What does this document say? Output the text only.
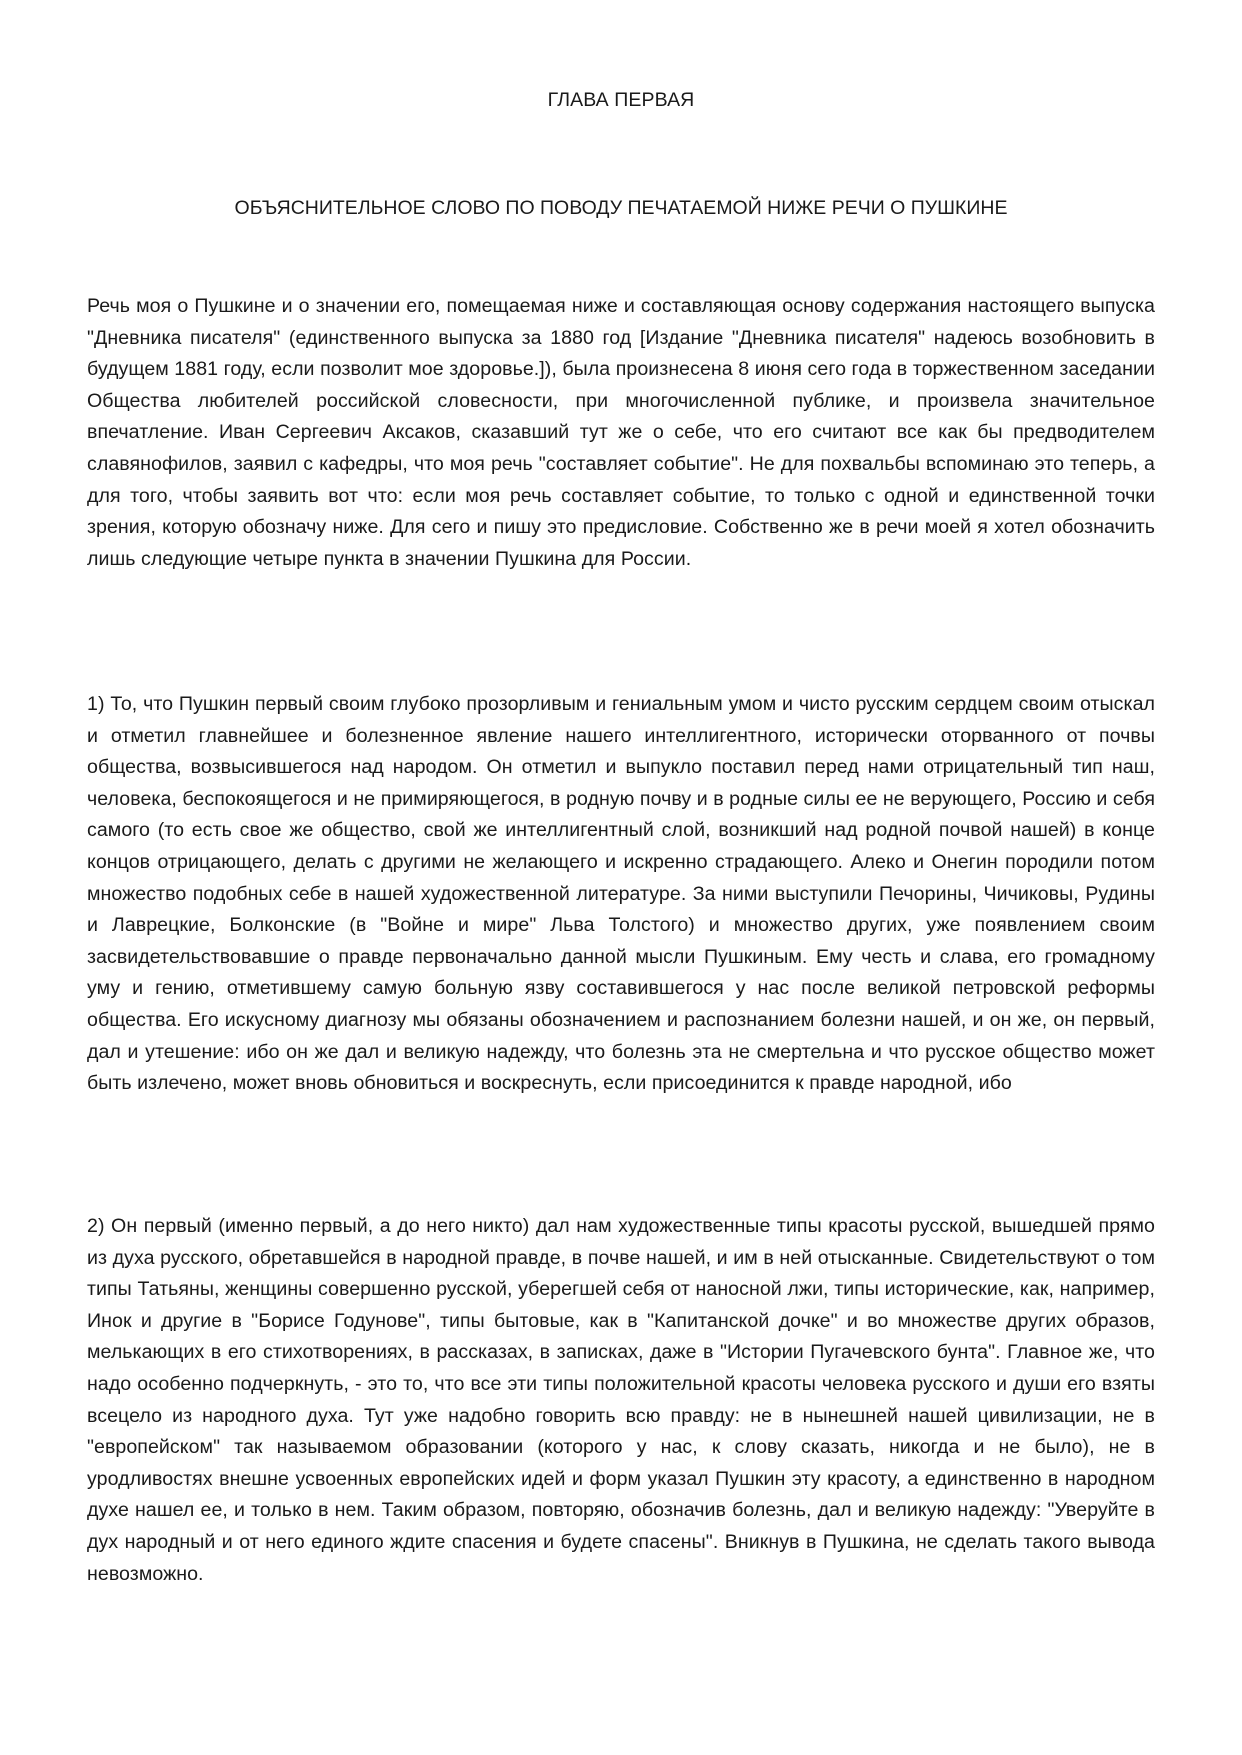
ГЛАВА ПЕРВАЯ
ОБЪЯСНИТЕЛЬНОЕ СЛОВО ПО ПОВОДУ ПЕЧАТАЕМОЙ НИЖЕ РЕЧИ О ПУШКИНЕ

Речь моя о Пушкине и о значении его, помещаемая ниже и составляющая основу содержания настоящего выпуска "Дневника писателя" (единственного выпуска за 1880 год [Издание "Дневника писателя" надеюсь возобновить в будущем 1881 году, если позволит мое здоровье.]), была произнесена 8 июня сего года в торжественном заседании Общества любителей российской словесности, при многочисленной публике, и произвела значительное впечатление. Иван Сергеевич Аксаков, сказавший тут же о себе, что его считают все как бы предводителем славянофилов, заявил с кафедры, что моя речь "составляет событие". Не для похвальбы вспоминаю это теперь, а для того, чтобы заявить вот что: если моя речь составляет событие, то только с одной и единственной точки зрения, которую обозначу ниже. Для сего и пишу это предисловие. Собственно же в речи моей я хотел обозначить лишь следующие четыре пункта в значении Пушкина для России.

1) То, что Пушкин первый своим глубоко прозорливым и гениальным умом и чисто русским сердцем своим отыскал и отметил главнейшее и болезненное явление нашего интеллигентного, исторически оторванного от почвы общества, возвысившегося над народом. Он отметил и выпукло поставил перед нами отрицательный тип наш, человека, беспокоящегося и не примиряющегося, в родную почву и в родные силы ее не верующего, Россию и себя самого (то есть свое же общество, свой же интеллигентный слой, возникший над родной почвой нашей) в конце концов отрицающего, делать с другими не желающего и искренно страдающего. Алеко и Онегин породили потом множество подобных себе в нашей художественной литературе. За ними выступили Печорины, Чичиковы, Рудины и Лаврецкие, Болконские (в "Войне и мире" Льва Толстого) и множество других, уже появлением своим засвидетельствовавшие о правде первоначально данной мысли Пушкиным. Ему честь и слава, его громадному уму и гению, отметившему самую больную язву составившегося у нас после великой петровской реформы общества. Его искусному диагнозу мы обязаны обозначением и распознанием болезни нашей, и он же, он первый, дал и утешение: ибо он же дал и великую надежду, что болезнь эта не смертельна и что русское общество может быть излечено, может вновь обновиться и воскреснуть, если присоединится к правде народной, ибо

2) Он первый (именно первый, а до него никто) дал нам художественные типы красоты русской, вышедшей прямо из духа русского, обретавшейся в народной правде, в почве нашей, и им в ней отысканные. Свидетельствуют о том типы Татьяны, женщины совершенно русской, уберегшей себя от наносной лжи, типы исторические, как, например, Инок и другие в "Борисе Годунове", типы бытовые, как в "Капитанской дочке" и во множестве других образов, мелькающих в его стихотворениях, в рассказах, в записках, даже в "Истории Пугачевского бунта". Главное же, что надо особенно подчеркнуть, - это то, что все эти типы положительной красоты человека русского и души его взяты всецело из народного духа. Тут уже надобно говорить всю правду: не в нынешней нашей цивилизации, не в "европейском" так называемом образовании (которого у нас, к слову сказать, никогда и не было), не в уродливостях внешне усвоенных европейских идей и форм указал Пушкин эту красоту, а единственно в народном духе нашел ее, и только в нем. Таким образом, повторяю, обозначив болезнь, дал и великую надежду: "Уверуйте в дух народный и от него единого ждите спасения и будете спасены". Вникнув в Пушкина, не сделать такого вывода невозможно.
